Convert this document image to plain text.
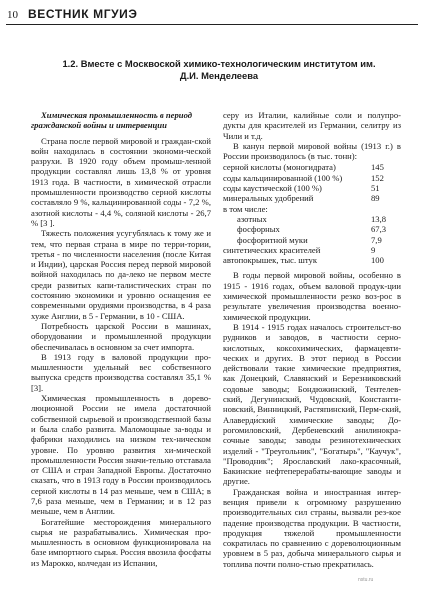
10 ВЕСТНИК МГУИЭ
1.2. Вместе с Москвоской химико-технологическим институтом им. Д.И. Менделеева

Химическая промышленность в период гражданской войны и интервенции

Страна после первой мировой и граждан-ской войн находилась в состоянии экономи-ческой разрухи. В 1920 году объем промыш-ленной продукции составлял лишь 13,8 % от уровня 1913 года. В частности, в химической отрасли промышленности производство серной кислоты составляло 9 %, кальцинированной соды - 7,2 %, азотной кислоты - 4,4 %, соляной кислоты - 26,7 % [3 ].

Тяжесть положения усугублялась к тому же и тем, что первая страна в мире по терри-тории, третья - по численности населения (после Китая и Индии), царская Россия перед первой мировой войной находилась по да-леко не первом месте среди развитых капи-талистических стран по состоянию экономики и уровню оснащения ее современными орудиями производства, в 4 раза хуже Англии, в 5 - Германии, в 10 - США.

Потребность царской России в машинах, оборудовании и промышленной продукции обеспечивалась в основном за счет импорта.

В 1913 году в валовой продукции про-мышленности удельный вес собственного выпуска средств производства составлял 35,1 % [3].

Химическая промышленность в дорево-люционной России не имела достаточной собственной сырьевой и производственной базы и была слабо развита. Маломощные за-воды и фабрики находились на низком тех-ническом уровне. По уровню развития хи-мической промышленности Россия значи-тельно отставала от США и стран Западной Европы. Достаточно сказать, что в 1913 году в России производилось серной кислоты в 14 раз меньше, чем в США; в 7,6 раза меньше, чем в Германии; и в 12 раз меньше, чем в Англии.

Богатейшие месторождения минерального сырья не разрабатывались. Химическая про-мышленность в основном функционировала на базе импортного сырья. Россия ввозила фосфаты из Марокко, колчедан из Испании,

серу из Италии, калийные соли и полупро-дукты для красителей из Германии, селитру из Чили и т.д.

В канун первой мировой войны (1913 г.) в России производилось (в тыс. тонн):

серной кислоты (моногидрата)	145
соды кальцинированной (100 %)	152
соды каустической (100 %)	51
минеральных удобрений	89
в том числе:	
азотных	13,8
фосфорных	67,3
фосфоритной муки	7,9
синтетических красителей	9
автопокрышек, тыс. штук	100

В годы первой мировой войны, особенно в 1915 - 1916 годах, объем валовой продук-ции химической промышленности резко воз-рос в результате увеличения производства военно-химической продукции.

В 1914 - 1915 годах началось строительст-во рудников и заводов, в частности серно-кислотных, коксохимических, фармацевти-ческих и других. В этот период в России действовали такие химические предприятия, как Донецкий, Славянский и Березниковский содовые заводы; Бондюжинский, Тентелев-ский, Дегунинский, Чудовский, Константи-новский, Винницкий, Растяпинский, Перм-ский, Алаверди́ский химические заводы; До-рогомиловский, Дербеневский анилинокра-сочные заводы; заводы резинотехнических изделий - "Треугольник", "Богатырь", "Каучук", "Проводник"; Ярославский лако-красочный, Бакинские нефтеперерабаты-вающие заводы и другие.

Гражданская война и иностранная интер-венция привели к огромному разрушению производительных сил страны, вызвали рез-кое падение производства продукции. В частности, продукция тяжелой промышленности сократилась по сравнению с дореволюционным уровнем в 5 раз, добыча минерального сырья и топлива почти полно-стью прекратилась.

nstu.ru
